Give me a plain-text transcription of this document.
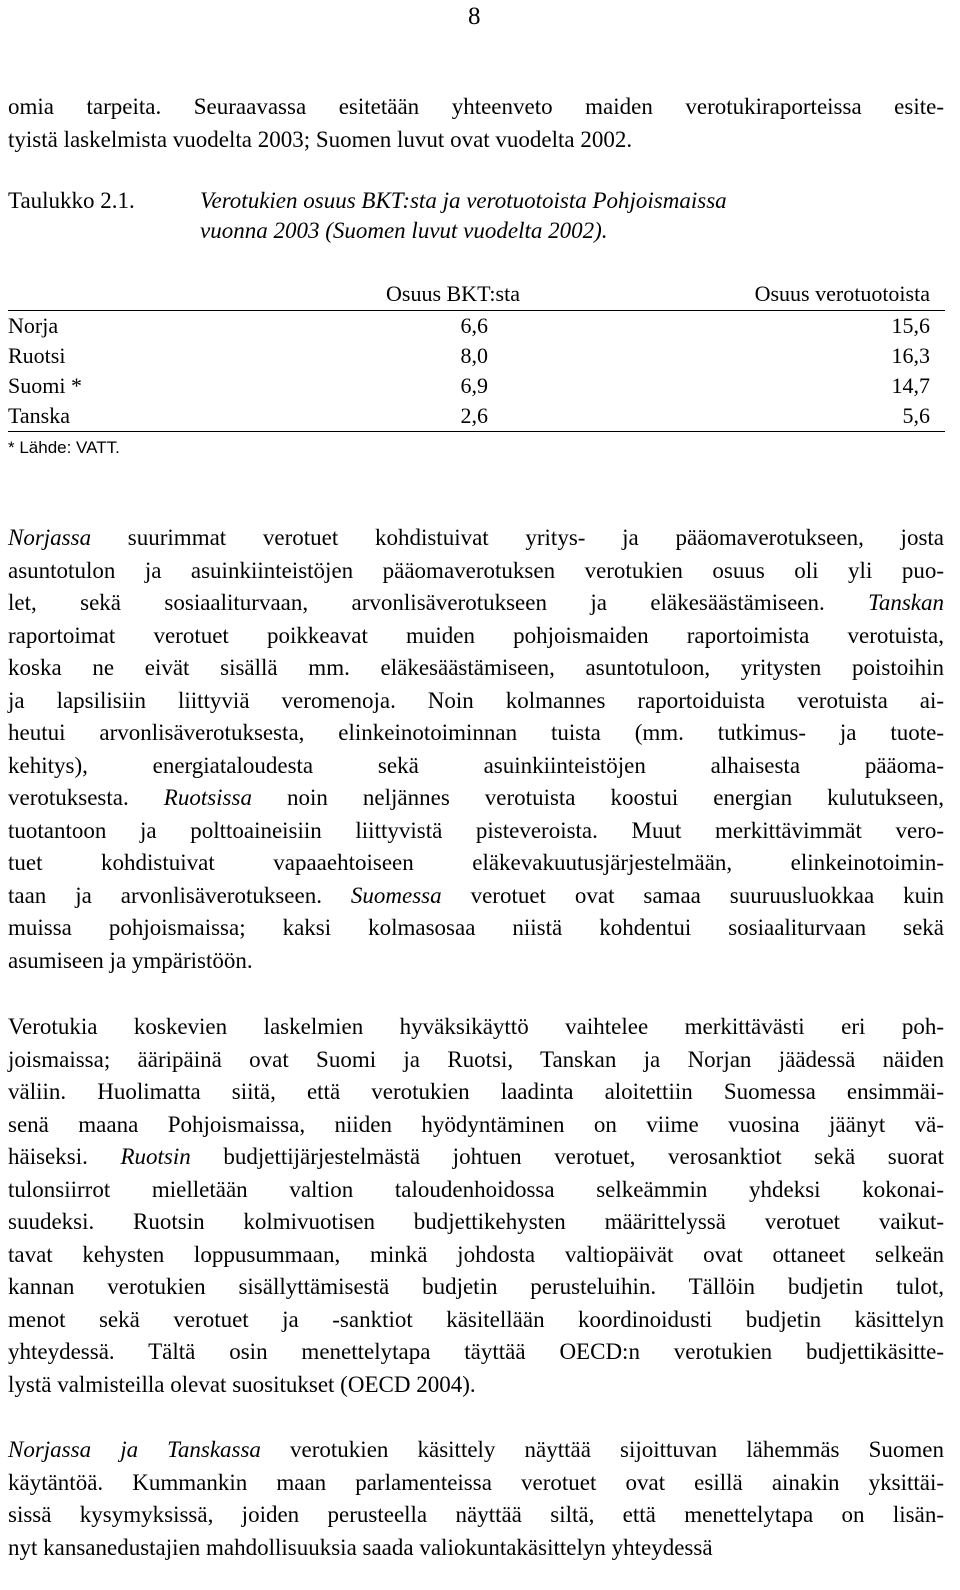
8
omia tarpeita. Seuraavassa esitetään yhteenveto maiden verotukiraporteissa esite-
tyistä laskelmista vuodelta 2003; Suomen luvut ovat vuodelta 2002.
Taulukko 2.1.	Verotukien osuus BKT:sta ja verotuotoista Pohjoismaissa
vuonna 2003 (Suomen luvut vuodelta 2002).
Osuus BKT:sta	Osuus verotuotoista
Norja	6,6	15,6
Ruotsi	8,0	16,3
Suomi *	6,9	14,7
Tanska	2,6	5,6
* Lähde: VATT.
Norjassa suurimmat verotuet kohdistuivat yritys- ja pääomaverotukseen, josta
asuntotulon ja asuinkiinteistöjen pääomaverotuksen verotukien osuus oli yli puo-
let, sekä sosiaaliturvaan, arvonlisäverotukseen ja eläkesäästämiseen. Tanskan
raportoimat verotuet poikkeavat muiden pohjoismaiden raportoimista verotuista,
koska ne eivät sisällä mm. eläkesäästämiseen, asuntotuloon, yritysten poistoihin
ja lapsilisiin liittyviä veromenoja. Noin kolmannes raportoiduista verotuista ai-
heutui arvonlisäverotuksesta, elinkeinotoiminnan tuista (mm. tutkimus- ja tuote-
kehitys), energiataloudesta sekä asuinkiinteistöjen alhaisesta pääoma-
verotuksesta. Ruotsissa noin neljännes verotuista koostui energian kulutukseen,
tuotantoon ja polttoaineisiin liittyvistä pisteveroista. Muut merkittävimmät vero-
tuet kohdistuivat vapaaehtoiseen eläkevakuutusjärjestelmään, elinkeinotoimin-
taan ja arvonlisäverotukseen. Suomessa verotuet ovat samaa suuruusluokkaa kuin
muissa pohjoismaissa; kaksi kolmasosaa niistä kohdentui sosiaaliturvaan sekä
asumiseen ja ympäristöön.
Verotukia koskevien laskelmien hyväksikäyttö vaihtelee merkittävästi eri poh-
joismaissa; ääripäinä ovat Suomi ja Ruotsi, Tanskan ja Norjan jäädessä näiden
väliin. Huolimatta siitä, että verotukien laadinta aloitettiin Suomessa ensimmäi-
senä maana Pohjoismaissa, niiden hyödyntäminen on viime vuosina jäänyt vä-
häiseksi. Ruotsin budjettijärjestelmästä johtuen verotuet, verosanktiot sekä suorat
tulonsiirrot mielletään valtion taloudenhoidossa selkeämmin yhdeksi kokonai-
suudeksi. Ruotsin kolmivuotisen budjettikehysten määrittelyssä verotuet vaikut-
tavat kehysten loppusummaan, minkä johdosta valtiopäivät ovat ottaneet selkeän
kannan verotukien sisällyttämisestä budjetin perusteluihin. Tällöin budjetin tulot,
menot sekä verotuet ja -sanktiot käsitellään koordinoidusti budjetin käsittelyn
yhteydessä. Tältä osin menettelytapa täyttää OECD:n verotukien budjettikäsitte-
lystä valmisteilla olevat suositukset (OECD 2004).
Norjassa ja Tanskassa verotukien käsittely näyttää sijoittuvan lähemmäs Suomen
käytäntöä. Kummankin maan parlamenteissa verotuet ovat esillä ainakin yksittäi-
sissä kysymyksissä, joiden perusteella näyttää siltä, että menettelytapa on lisän-
nyt kansanedustajien mahdollisuuksia saada valiokuntakäsittelyn yhteydessä
